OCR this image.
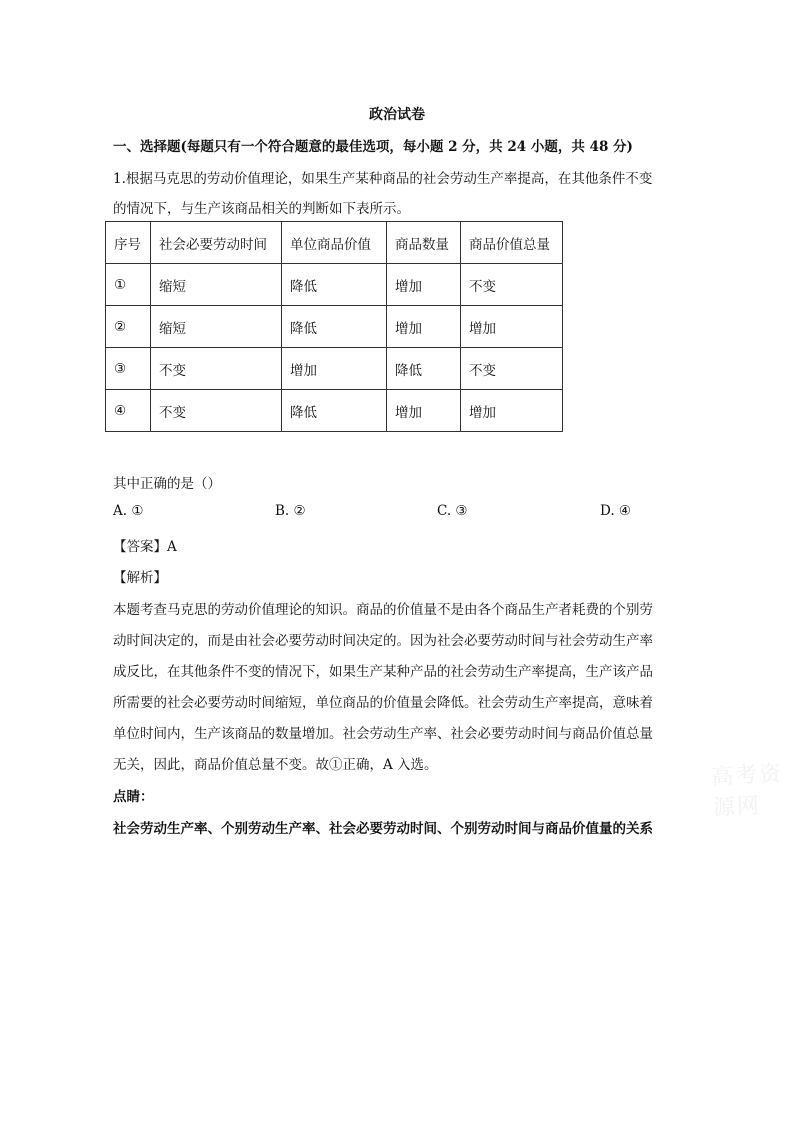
政治试卷
一、选择题(每题只有一个符合题意的最佳选项，每小题 2 分，共 24 小题，共 48 分)
1.根据马克思的劳动价值理论，如果生产某种商品的社会劳动生产率提高，在其他条件不变
的情况下，与生产该商品相关的判断如下表所示。
序号	社会必要劳动时间	单位商品价值	商品数量	商品价值总量
①	缩短	降低	增加	不变
②	缩短	降低	增加	增加
③	不变	增加	降低	不变
④	不变	降低	增加	增加
其中正确的是（）
A. ①	B. ②	C. ③	D. ④
【答案】A
【解析】
本题考查马克思的劳动价值理论的知识。商品的价值量不是由各个商品生产者耗费的个别劳
动时间决定的，而是由社会必要劳动时间决定的。因为社会必要劳动时间与社会劳动生产率
成反比，在其他条件不变的情况下，如果生产某种产品的社会劳动生产率提高，生产该产品
所需要的社会必要劳动时间缩短，单位商品的价值量会降低。社会劳动生产率提高，意味着
单位时间内，生产该商品的数量增加。社会劳动生产率、社会必要劳动时间与商品价值总量
无关，因此，商品价值总量不变。故①正确，A 入选。	高考资源网
点睛：
社会劳动生产率、个别劳动生产率、社会必要劳动时间、个别劳动时间与商品价值量的关系
